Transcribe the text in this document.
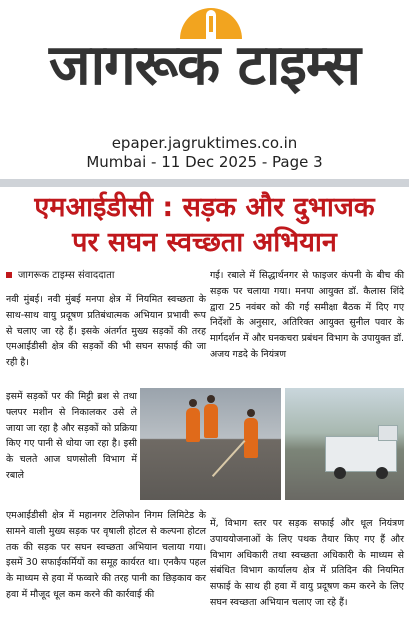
जागरूक टाइम्स
epaper.jagruktimes.co.in
Mumbai - 11 Dec 2025 - Page 3
एमआईडीसी : सड़क और दुभाजक
पर सघन स्वच्छता अभियान
जागरूक टाइम्स संवाददाता

नवी मुंबई। नवी मुंबई मनपा क्षेत्र में नियमित स्वच्छता के साथ-साथ वायु प्रदूषण प्रतिबंधात्मक अभियान प्रभावी रूप से चलाए जा रहे हैं। इसके अंतर्गत मुख्य सड़कों की तरह एमआईडीसी क्षेत्र की सड़कों की भी सघन सफाई की जा रही है।

इसमें सड़कों पर की मिट्टी ब्रश से तथा फ्लपर मशीन से निकालकर उसे ले जाया जा रहा है और सड़कों को प्रक्रिया किए गए पानी से धोया जा रहा है। इसी के चलते आज घणसोली विभाग में रबाले

एमआईडीसी क्षेत्र में महानगर टेलिफोन निगम लिमिटेड के सामने वाली मुख्य सड़क पर वृषाली होटल से कल्पना होटल तक की सड़क पर सघन स्वच्छता अभियान चलाया गया। इसमें 30 सफाईकर्मियों का समूह कार्यरत था। एनकैप पहल के माध्यम से हवा में फव्वारे की तरह पानी का छिड़काव कर हवा में मौजूद धूल कम करने की कार्रवाई की

गई। रबाले में सिद्धार्थनगर से फाइजर कंपनी के बीच की सड़क पर चलाया गया। मनपा आयुक्त डॉ. कैलास शिंदे द्वारा 25 नवंबर को की गई समीक्षा बैठक में दिए गए निर्देशों के अनुसार, अतिरिक्त आयुक्त सुनील पवार के मार्गदर्शन में और घनकचरा प्रबंधन विभाग के उपायुक्त डॉ. अजय गडदे के नियंत्रण

में, विभाग स्तर पर सड़क सफाई और धूल नियंत्रण उपाययोजनाओं के लिए पथक तैयार किए गए हैं और विभाग अधिकारी तथा स्वच्छता अधिकारी के माध्यम से संबंधित विभाग कार्यालय क्षेत्र में प्रतिदिन की नियमित सफाई के साथ ही हवा में वायु प्रदूषण कम करने के लिए सघन स्वच्छता अभियान चलाए जा रहे हैं।
